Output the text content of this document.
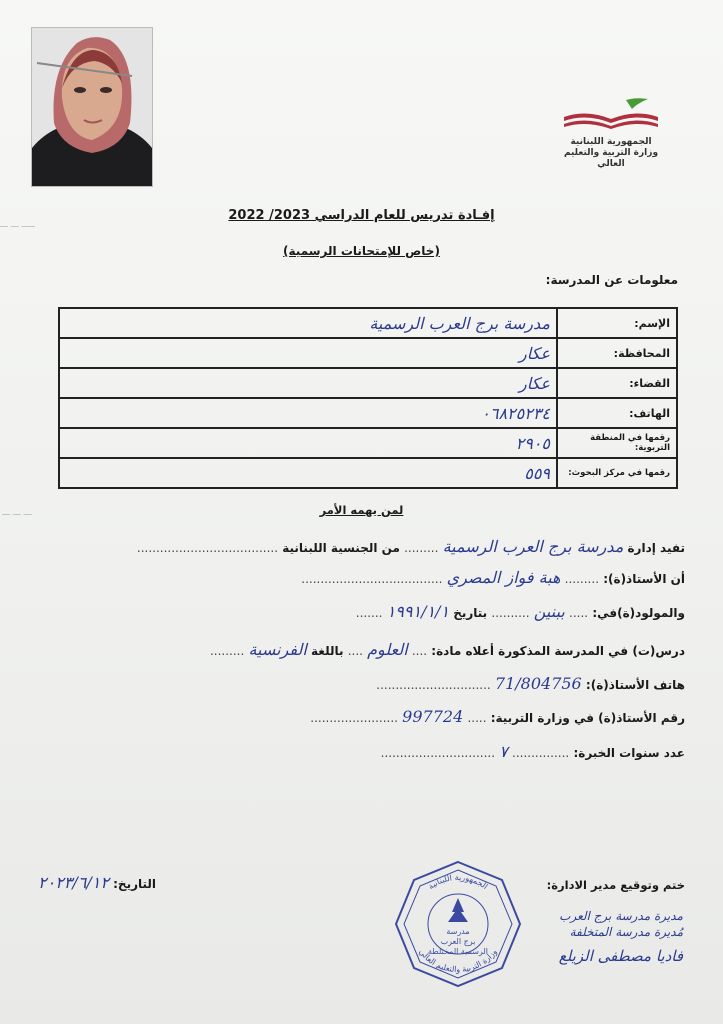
الجمهورية اللبنانية
وزارة التربية والتعليم العالي
ـــــ ـــ ـــ
ـــ ـــ ـــ
إفـادة تدريس للعام الدراسي 2023/ 2022
(خاص للإمتحانات الرسمية)
معلومات عن المدرسة:
مدرسة برج العرب الرسمية	الإسم:
عكار	المحافظة:
عكار	القضاء:
٠٦٨٢٥٢٣٤	الهاتف:
٢٩٠٥	رقمها في المنطقة التربوية:
٥٥٩	رقمها في مركز البحوث:
لمن يهمه الأمر
تفيد إدارة مدرسة برج العرب الرسمية ......... من الجنسية اللبنانية .....................................
أن الأستاذ(ة): ......... هبة فواز المصري .....................................
والمولود(ة)في: ..... ببنين .......... بتاريخ ١٩٩١/١/١ .......
درس(ت) في المدرسة المذكورة أعلاه مادة: .... العلوم .... باللغة الفرنسية .........
هاتف الأستاذ(ة): 71/804756 ..............................
رقم الأستاذ(ة) في وزارة التربية: ..... 997724 .......................
عدد سنوات الخبرة: ............... ٧ ..............................
التاريخ: ٢٠٢٣/٦/١٢	ختم وتوقيع مدير الادارة:
الجمهورية اللبنانية
وزارة التربية والتعليم العالي
مدرسة
برج العرب
الرسمية المختلطة
مديرة مدرسة برج العرب
مُديرة مدرسة المتخلفة
فاديا مصطفى الزيلع
